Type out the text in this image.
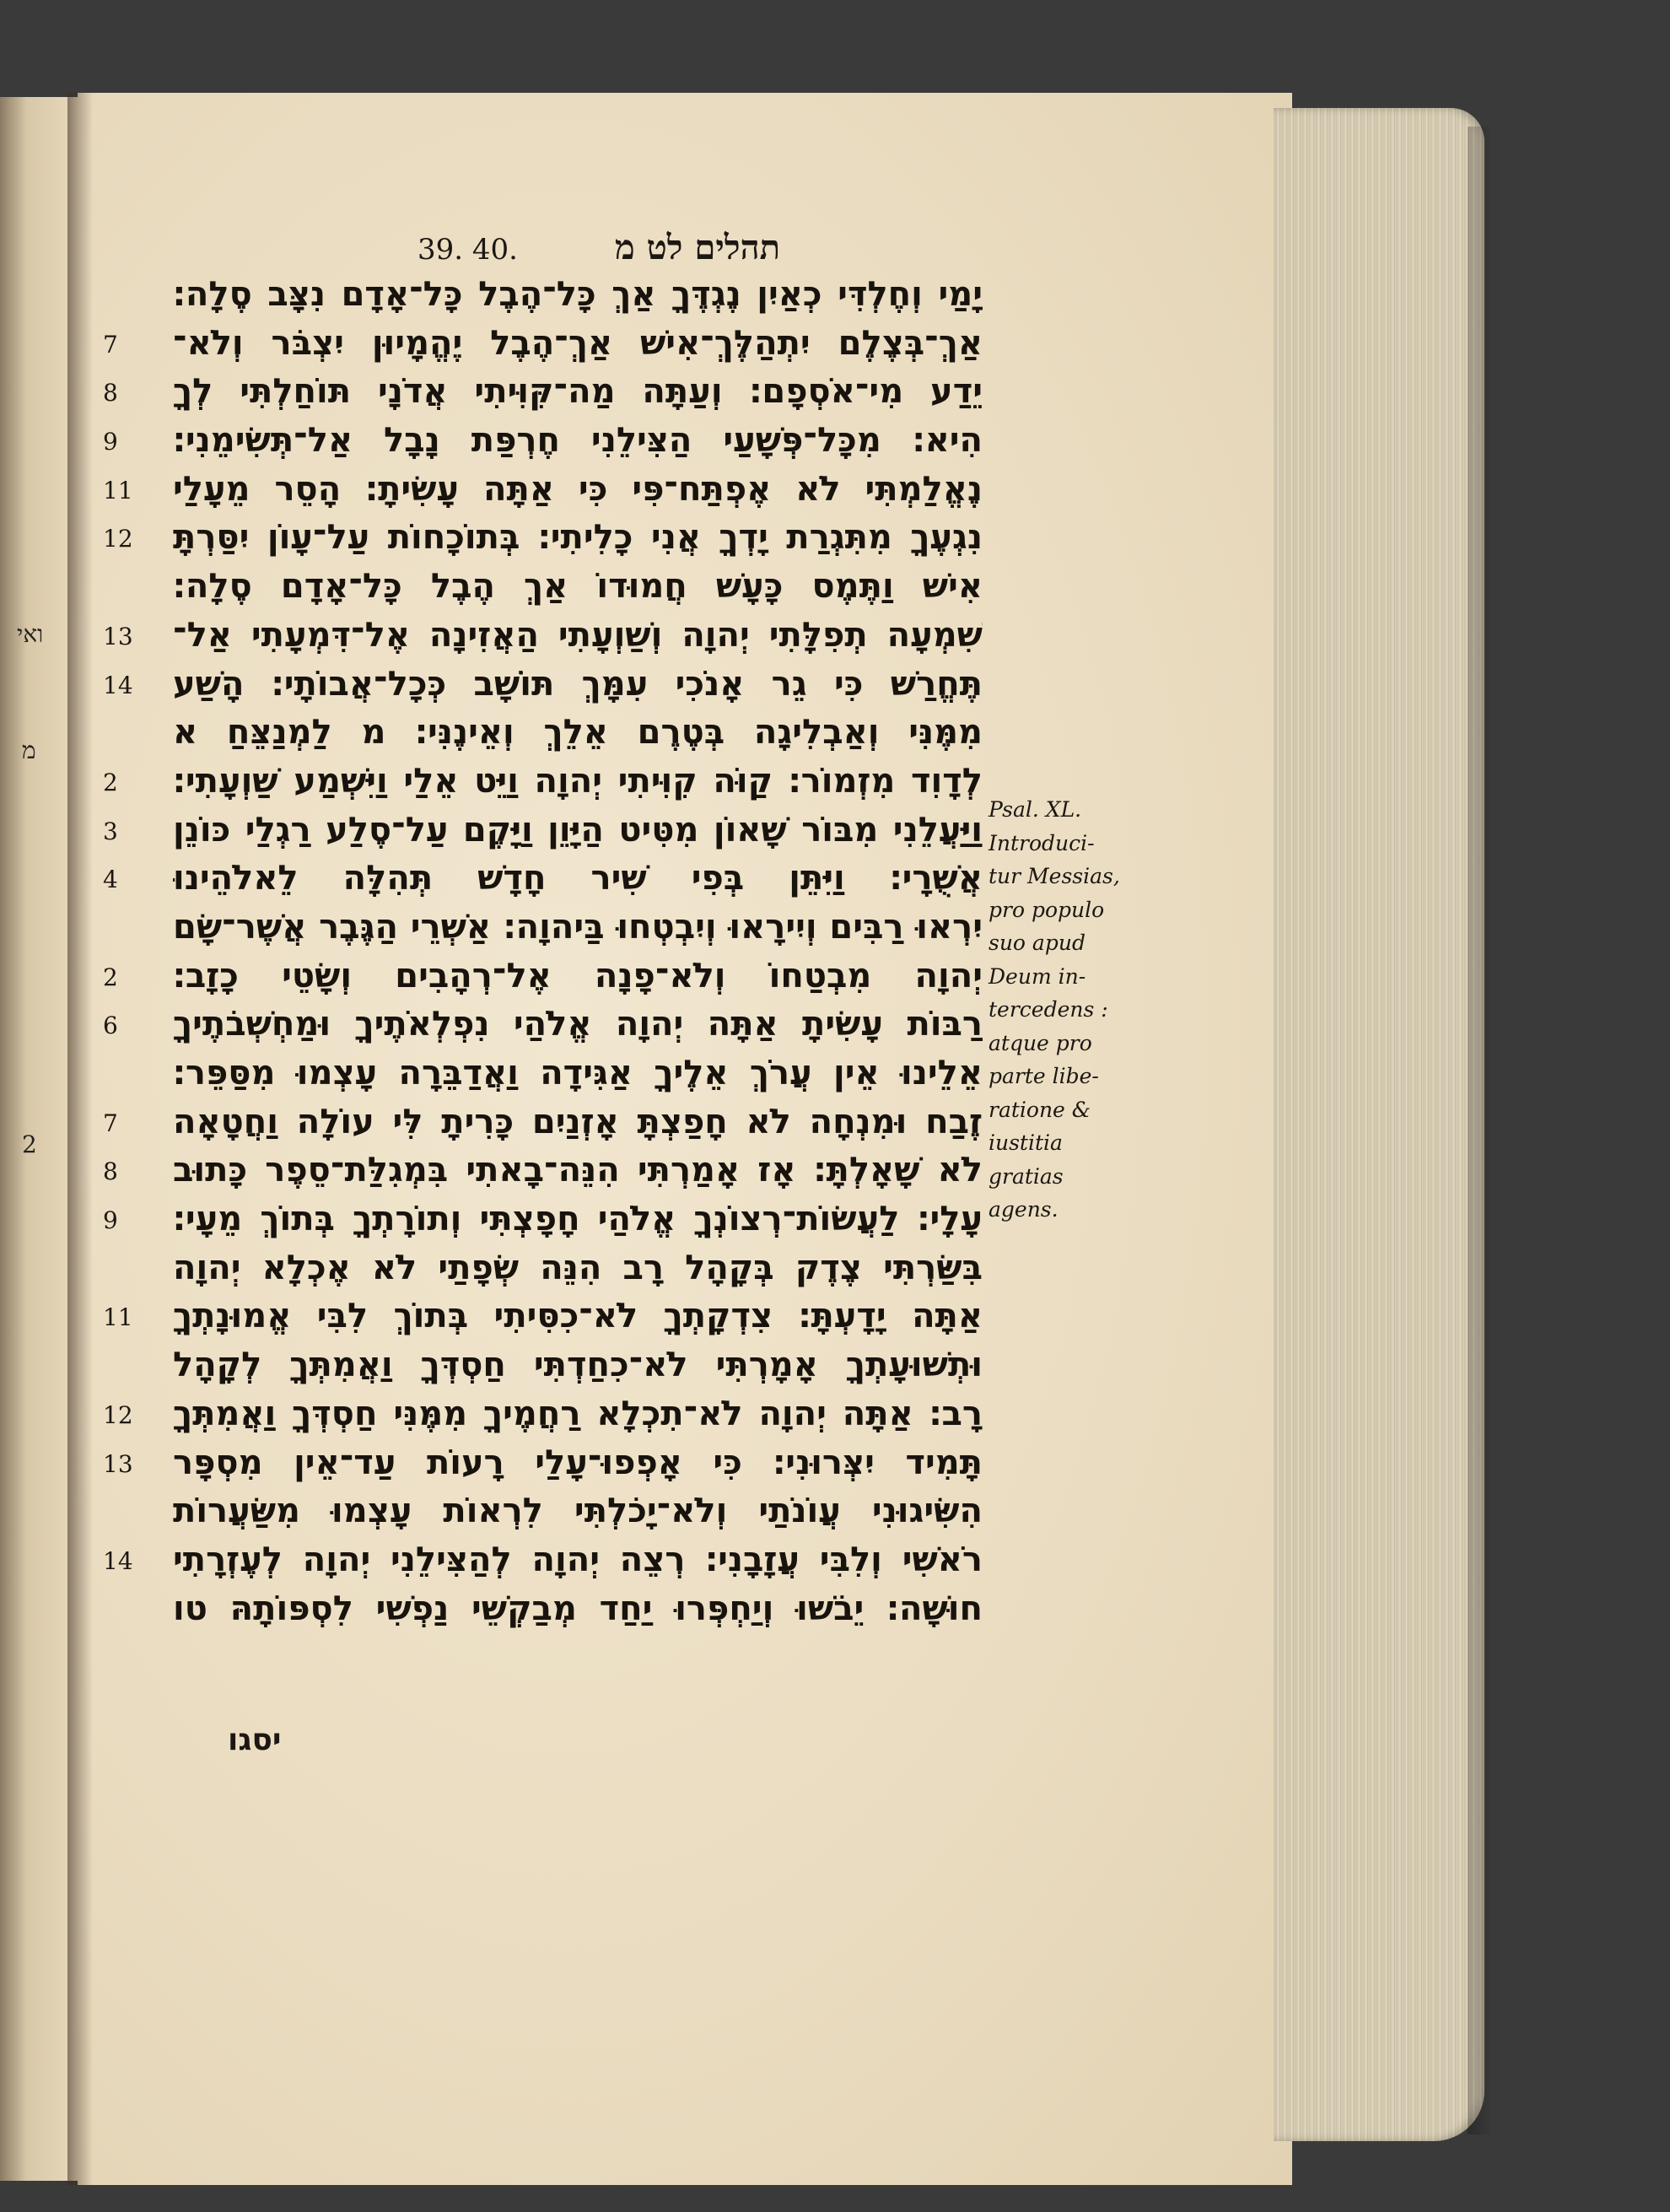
ואי
מ
2
39. 40.	תהלים לט מ
יָמַי וְחֶלְדִּי כְאַיִן נֶגְדֶּךָ אַךְ כָּל־הֶבֶל כָּל־אָדָם נִצָּב סֶלָה׃
7	אַךְ־בְּצֶלֶם יִתְהַלֶּךְ־אִישׁ אַךְ־הֶבֶל יֶהֱמָיוּן יִצְבֹּר וְלֹא־
8	יֵדַע מִי־אֹסְפָם׃ וְעַתָּה מַה־קִּוִּיתִי אֲדֹנָי תּוֹחַלְתִּי לְךָ
9	הִיא׃ מִכָּל־פְּשָׁעַי הַצִּילֵנִי חֶרְפַּת נָבָל אַל־תְּשִׂימֵנִי׃
11 נֶאֱלַמְתִּי לֹא אֶפְתַּח־פִּי כִּי אַתָּה עָשִׂיתָ׃ הָסֵר מֵעָלַי
12 נִגְעֶךָ מִתִּגְרַת יָדְךָ אֲנִי כָלִיתִי׃ בְּתוֹכָחוֹת עַל־עָוֹן יִסַּרְתָּ
אִישׁ וַתֶּמֶס כָּעָשׁ חֲמוּדוֹ אַךְ הֶבֶל כָּל־אָדָם סֶלָה׃
13 שִׁמְעָה תְפִלָּתִי יְהוָה וְשַׁוְעָתִי הַאֲזִינָה אֶל־דִּמְעָתִי אַל־
14 תֶּחֱרַשׁ כִּי גֵר אָנֹכִי עִמָּךְ תּוֹשָׁב כְּכָל־אֲבוֹתָי׃ הָשַׁע
מִמֶּנִּי וְאַבְלִיגָה בְּטֶרֶם אֵלֵךְ וְאֵינֶנִּי׃ מ לַמְנַצֵּחַ א
2	לְדָוִד מִזְמוֹר׃ קַוֹּה קִוִּיתִי יְהוָה וַיֵּט אֵלַי וַיִּשְׁמַע שַׁוְעָתִי׃
3	וַיַּעֲלֵנִי מִבּוֹר שָׁאוֹן מִטִּיט הַיָּוֵן וַיָּקֶם עַל־סֶלַע רַגְלַי כּוֹנֵן
4	אֲשֻׁרָי׃ וַיִּתֵּן בְּפִי שִׁיר חָדָשׁ תְּהִלָּה לֵאלֹהֵינוּ
יִרְאוּ רַבִּים וְיִירָאוּ וְיִבְטְחוּ בַּיהוָה׃ אַשְׁרֵי הַגֶּבֶר אֲשֶׁר־שָׂם
2	יְהוָה מִבְטַחוֹ וְלֹא־פָנָה אֶל־רְהָבִים וְשָׂטֵי כָזָב׃
6	רַבּוֹת עָשִׂיתָ אַתָּה יְהוָה אֱלֹהַי נִפְלְאֹתֶיךָ וּמַחְשְׁבֹתֶיךָ
אֵלֵינוּ אֵין עֲרֹךְ אֵלֶיךָ אַגִּידָה וַאֲדַבֵּרָה עָצְמוּ מִסַּפֵּר׃
7	זֶבַח וּמִנְחָה לֹא חָפַצְתָּ אָזְנַיִם כָּרִיתָ לִּי עוֹלָה וַחֲטָאָה
8	לֹא שָׁאָלְתָּ׃ אָז אָמַרְתִּי הִנֵּה־בָאתִי בִּמְגִלַּת־סֵפֶר כָּתוּב
9	עָלָי׃ לַעֲשׂוֹת־רְצוֹנְךָ אֱלֹהַי חָפָצְתִּי וְתוֹרָתְךָ בְּתוֹךְ מֵעָי׃
בִּשַּׂרְתִּי צֶדֶק בְּקָהָל רָב הִנֵּה שְׂפָתַי לֹא אֶכְלָא יְהוָה
11 אַתָּה יָדָעְתָּ׃ צִדְקָתְךָ לֹא־כִסִּיתִי בְּתוֹךְ לִבִּי אֱמוּנָתְךָ
וּתְשׁוּעָתְךָ אָמָרְתִּי לֹא־כִחַדְתִּי חַסְדְּךָ וַאֲמִתְּךָ לְקָהָל
12 רָב׃ אַתָּה יְהוָה לֹא־תִכְלָא רַחֲמֶיךָ מִמֶּנִּי חַסְדְּךָ וַאֲמִתְּךָ
13 תָּמִיד יִצְּרוּנִי׃ כִּי אָפְפוּ־עָלַי רָעוֹת עַד־אֵין מִסְפָּר
הִשִּׂיגוּנִי עֲוֹנֹתַי וְלֹא־יָכֹלְתִּי לִרְאוֹת עָצְמוּ מִשַּׂעֲרוֹת
14 רֹאשִׁי וְלִבִּי עֲזָבָנִי׃ רְצֵה יְהוָה לְהַצִּילֵנִי יְהוָה לְעֶזְרָתִי
חוּשָׁה׃ יֵבֹשׁוּ וְיַחְפְּרוּ יַחַד מְבַקְשֵׁי נַפְשִׁי לִסְפּוֹתָהּ טו
Psal. XL.
Introduci-
tur Messias,
pro populo
suo apud
Deum in-
tercedens :
atque pro
parte libe-
ratione &
iustitia
gratias
agens.
יסגו
